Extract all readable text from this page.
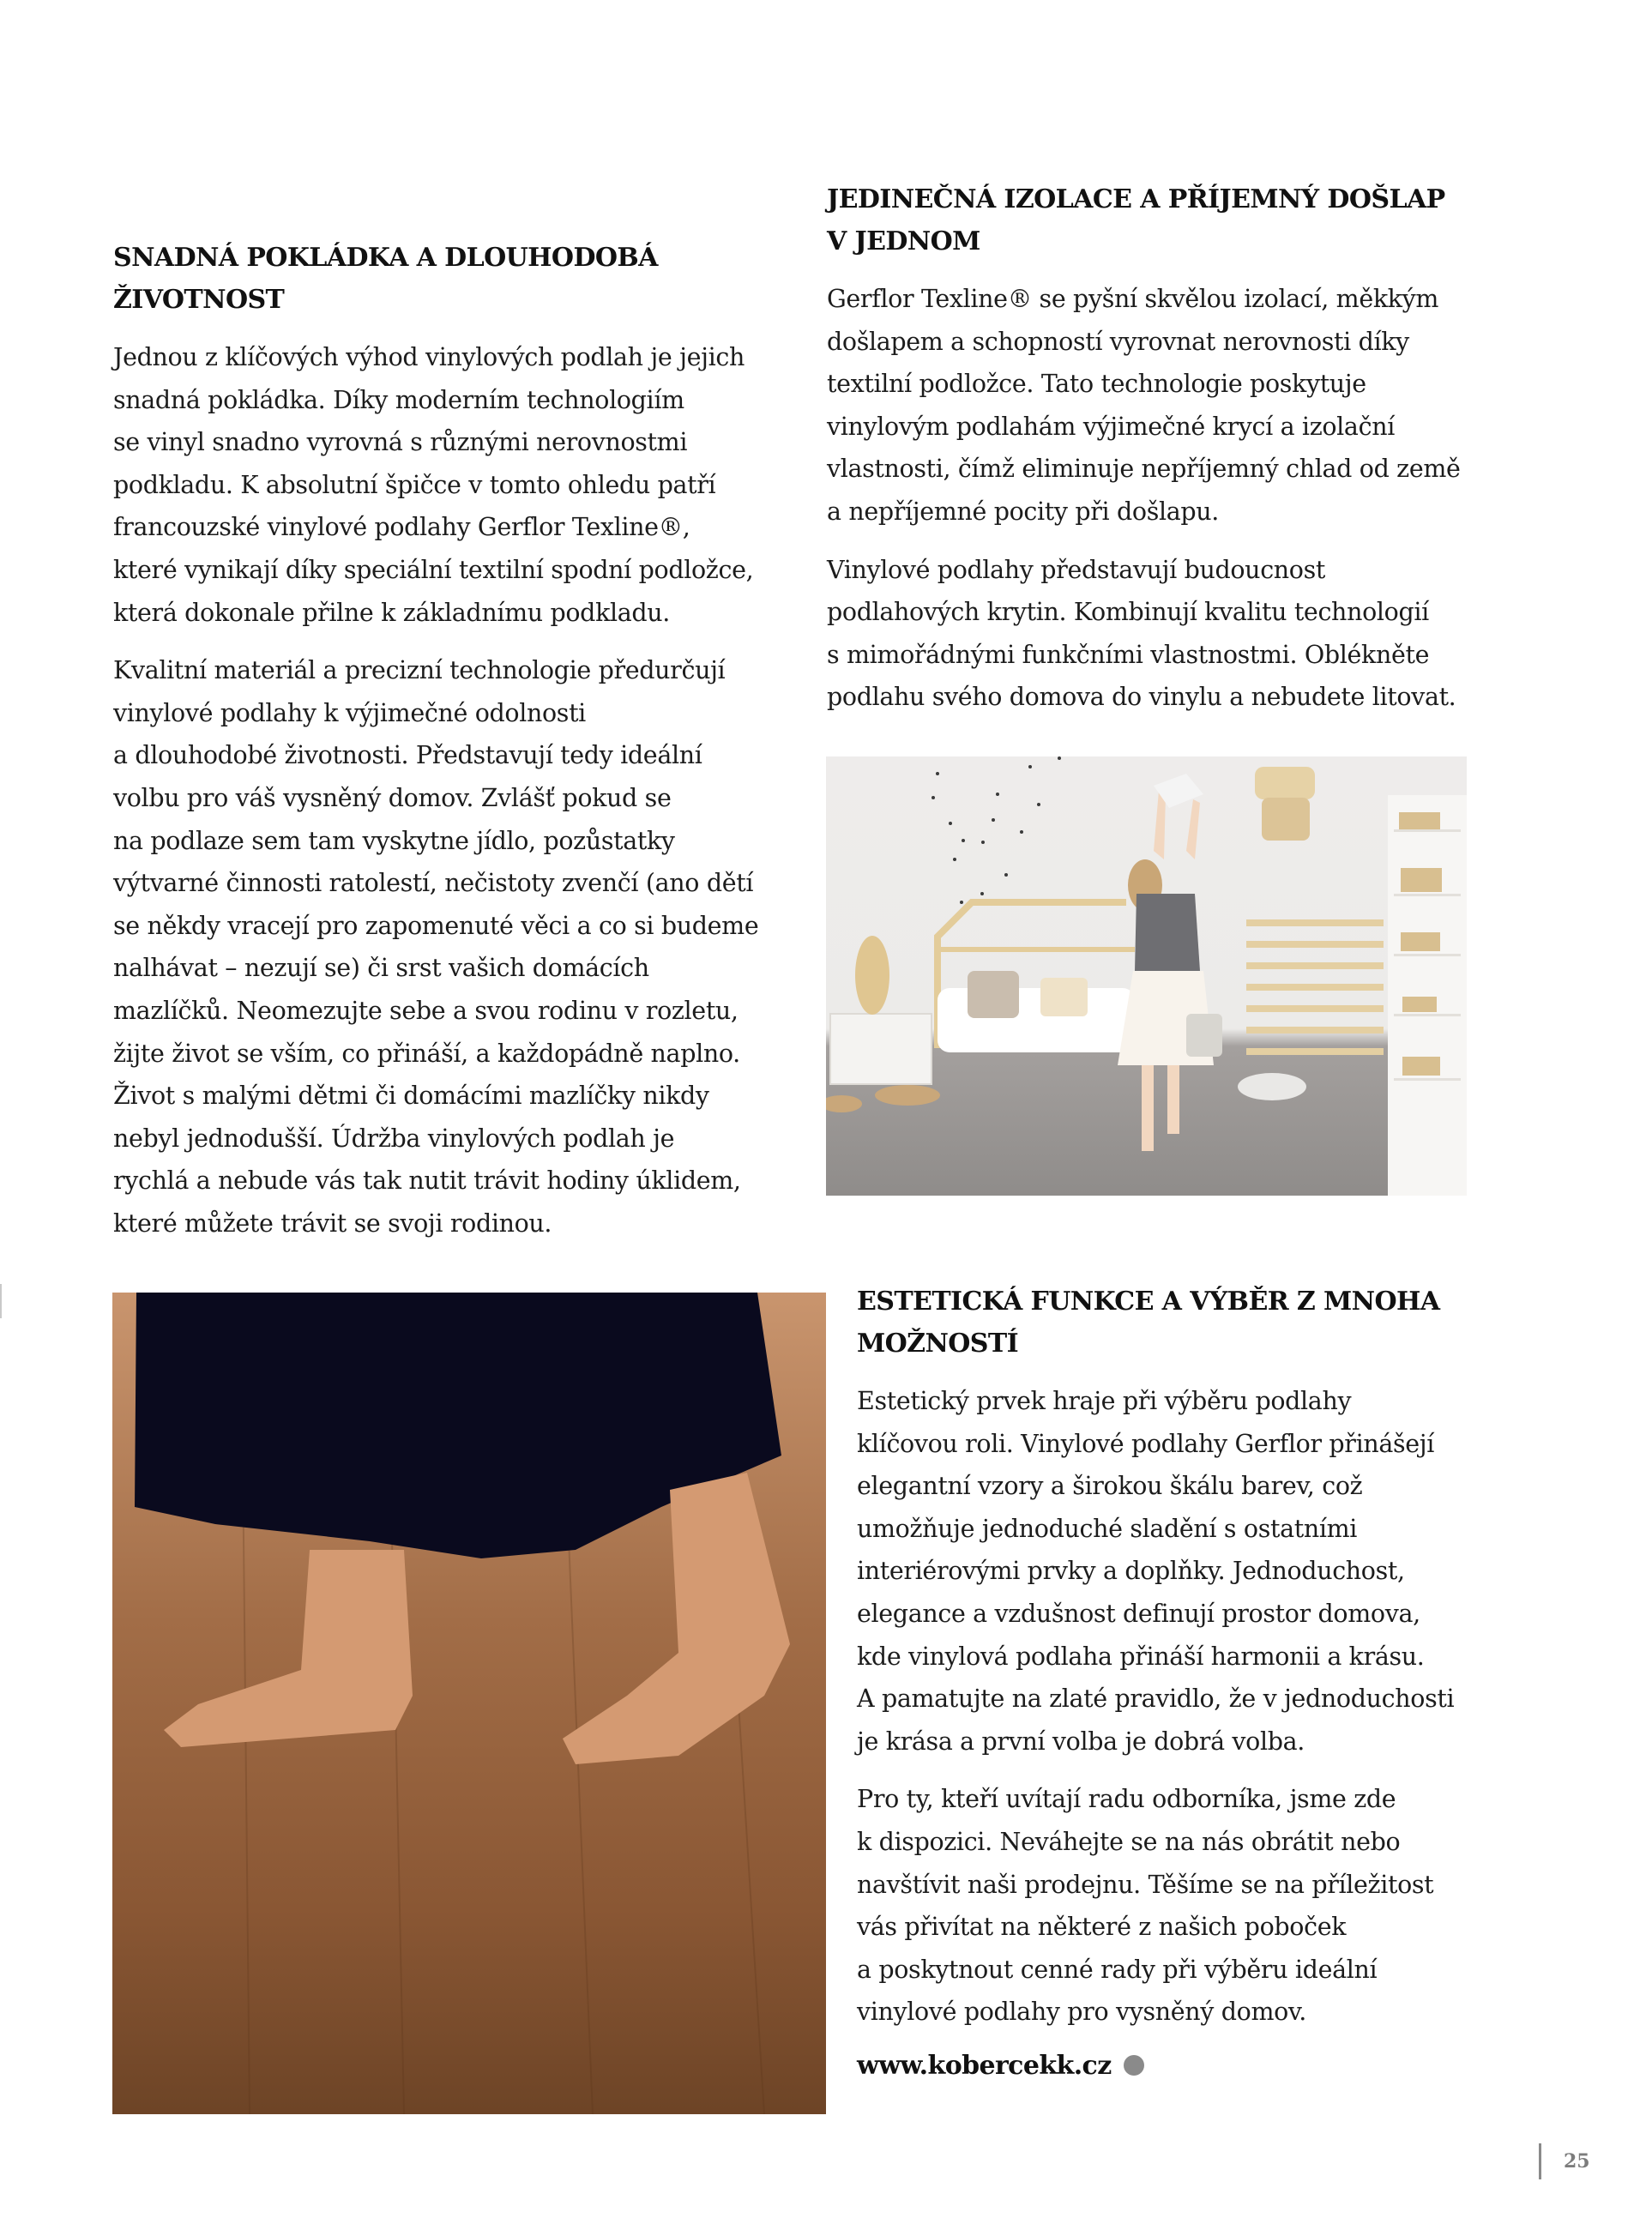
SNADNÁ POKLÁDKA A DLOUHODOBÁ
ŽIVOTNOST

Jednou z klíčových výhod vinylových podlah je jejich
snadná pokládka. Díky moderním technologiím
se vinyl snadno vyrovná s různými nerovnostmi
podkladu. K absolutní špičce v tomto ohledu patří
francouzské vinylové podlahy Gerflor Texline®,
které vynikají díky speciální textilní spodní podložce,
která dokonale přilne k základnímu podkladu.

Kvalitní materiál a precizní technologie předurčují
vinylové podlahy k výjimečné odolnosti
a dlouhodobé životnosti. Představují tedy ideální
volbu pro váš vysněný domov. Zvlášť pokud se
na podlaze sem tam vyskytne jídlo, pozůstatky
výtvarné činnosti ratolestí, nečistoty zvenčí (ano dětí
se někdy vracejí pro zapomenuté věci a co si budeme
nalhávat – nezují se) či srst vašich domácích
mazlíčků. Neomezujte sebe a svou rodinu v rozletu,
žijte život se vším, co přináší, a každopádně naplno.
Život s malými dětmi či domácími mazlíčky nikdy
nebyl jednodušší. Údržba vinylových podlah je
rychlá a nebude vás tak nutit trávit hodiny úklidem,
které můžete trávit se svoji rodinou.

JEDINEČNÁ IZOLACE A PŘÍJEMNÝ DOŠLAP
V JEDNOM

Gerflor Texline® se pyšní skvělou izolací, měkkým
došlapem a schopností vyrovnat nerovnosti díky
textilní podložce. Tato technologie poskytuje
vinylovým podlahám výjimečné krycí a izolační
vlastnosti, čímž eliminuje nepříjemný chlad od země
a nepříjemné pocity při došlapu.

Vinylové podlahy představují budoucnost
podlahových krytin. Kombinují kvalitu technologií
s mimořádnými funkčními vlastnostmi. Oblékněte
podlahu svého domova do vinylu a nebudete litovat.

ESTETICKÁ FUNKCE A VÝBĚR Z MNOHA
MOŽNOSTÍ

Estetický prvek hraje při výběru podlahy
klíčovou roli. Vinylové podlahy Gerflor přinášejí
elegantní vzory a širokou škálu barev, což
umožňuje jednoduché sladění s ostatními
interiérovými prvky a doplňky. Jednoduchost,
elegance a vzdušnost definují prostor domova,
kde vinylová podlaha přináší harmonii a krásu.
A pamatujte na zlaté pravidlo, že v jednoduchosti
je krása a první volba je dobrá volba.

Pro ty, kteří uvítají radu odborníka, jsme zde
k dispozici. Neváhejte se na nás obrátit nebo
navštívit naši prodejnu. Těšíme se na příležitost
vás přivítat na některé z našich poboček
a poskytnout cenné rady při výběru ideální
vinylové podlahy pro vysněný domov.

www.kobercekk.cz
25
